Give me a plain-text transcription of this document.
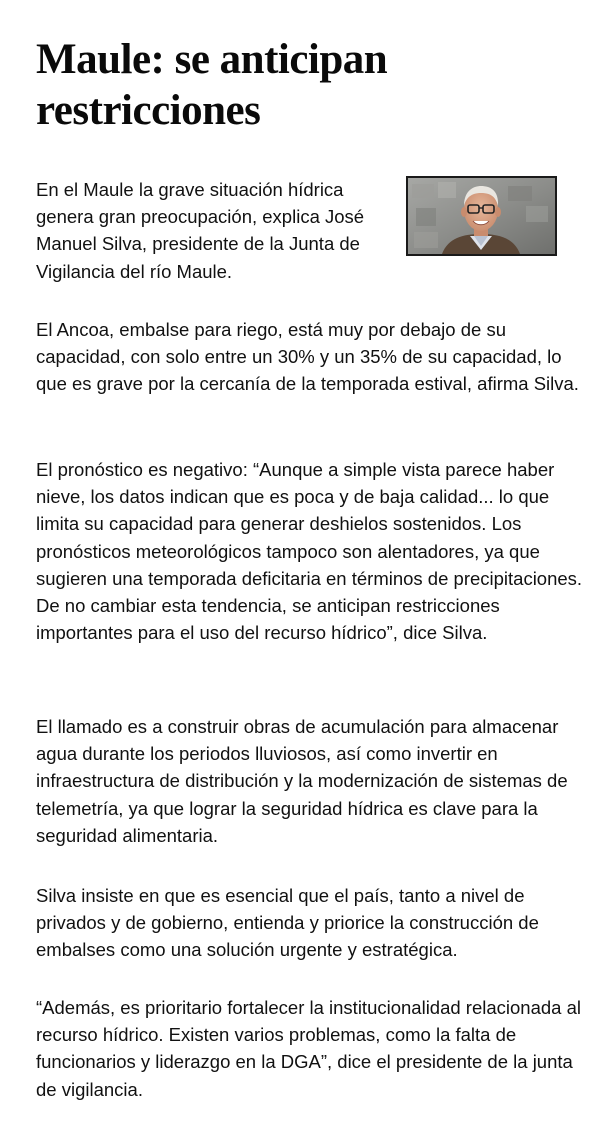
Maule: se anticipan restricciones

En el Maule la grave situación hídrica genera gran preocupación, explica José Manuel Silva, presidente de la Junta de Vigilancia del río Maule.

El Ancoa, embalse para riego, está muy por debajo de su capacidad, con solo entre un 30% y un 35% de su capacidad, lo que es grave por la cercanía de la temporada estival, afirma Silva.

El pronóstico es negativo: “Aunque a simple vista parece haber nieve, los datos indican que es poca y de baja calidad... lo que limita su capacidad para generar deshielos sostenidos. Los pronósticos meteorológicos tampoco son alentadores, ya que sugieren una temporada deficitaria en términos de precipitaciones. De no cambiar esta tendencia, se anticipan restricciones importantes para el uso del recurso hídrico”, dice Silva.

El llamado es a construir obras de acumulación para almacenar agua durante los periodos lluviosos, así como invertir en infraestructura de distribución y la modernización de sistemas de telemetría, ya que lograr la seguridad hídrica es clave para la seguridad alimentaria.

Silva insiste en que es esencial que el país, tanto a nivel de privados y de gobierno, entienda y priorice la construcción de embalses como una solución urgente y estratégica.

“Además, es prioritario fortalecer la institucionalidad relacionada al recurso hídrico. Existen varios problemas, como la falta de funcionarios y liderazgo en la DGA”, dice el presidente de la junta de vigilancia.
